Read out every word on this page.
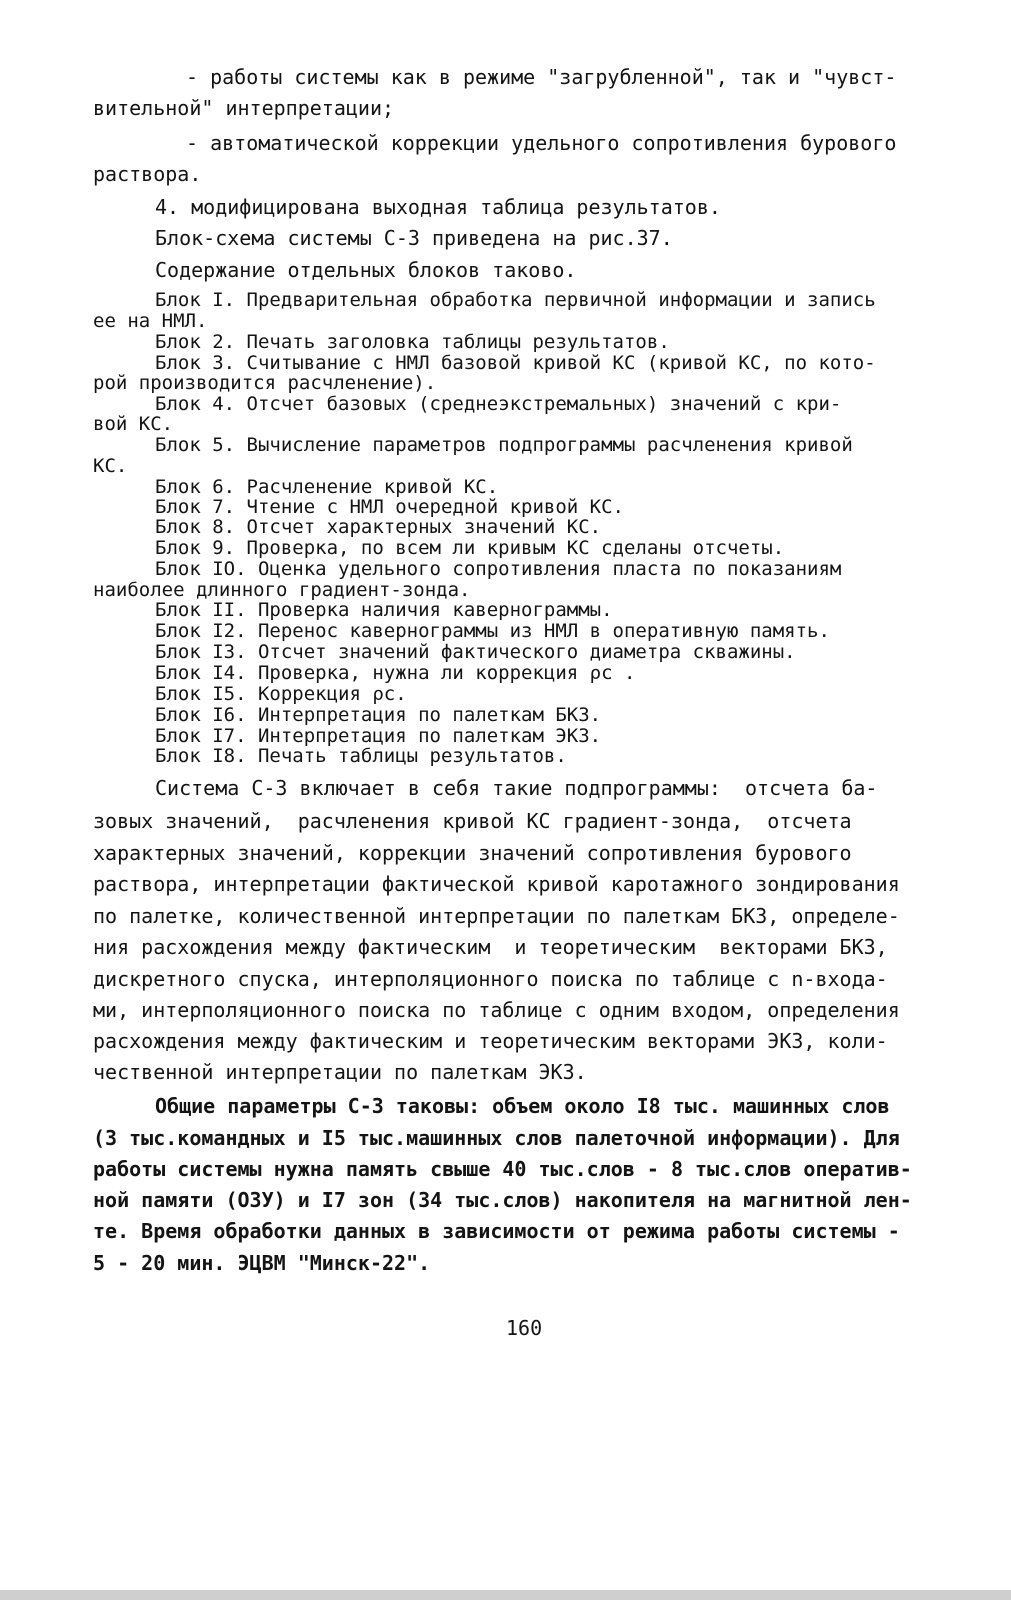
- работы системы как в режиме "загрубленной", так и "чувст-
вительной" интерпретации;
- автоматической коррекции удельного сопротивления бурового
раствора.
4. модифицирована выходная таблица результатов.
Блок-схема системы С-3 приведена на рис.37.
Содержание отдельных блоков таково.
Блок I. Предварительная обработка первичной информации и запись
ее на НМЛ.
Блок 2. Печать заголовка таблицы результатов.
Блок 3. Считывание с НМЛ базовой кривой КС (кривой КС, по кото-
рой производится расчленение).
Блок 4. Отсчет базовых (среднеэкстремальных) значений с кри-
вой КС.
Блок 5. Вычисление параметров подпрограммы расчленения кривой
КС.
Блок 6. Расчленение кривой КС.
Блок 7. Чтение с НМЛ очередной кривой КС.
Блок 8. Отсчет характерных значений КС.
Блок 9. Проверка, по всем ли кривым КС сделаны отсчеты.
Блок IO. Оценка удельного сопротивления пласта по показаниям
наиболее длинного градиент-зонда.
Блок II. Проверка наличия кавернограммы.
Блок I2. Перенос кавернограммы из НМЛ в оперативную память.
Блок I3. Отсчет значений фактического диаметра скважины.
Блок I4. Проверка, нужна ли коррекция ρс .
Блок I5. Коррекция ρс.
Блок I6. Интерпретация по палеткам БКЗ.
Блок I7. Интерпретация по палеткам ЭКЗ.
Блок I8. Печать таблицы результатов.
Система С-3 включает в себя такие подпрограммы:  отсчета ба-
зовых значений,  расчленения кривой КС градиент-зонда,  отсчета
характерных значений, коррекции значений сопротивления бурового
раствора, интерпретации фактической кривой каротажного зондирования
по палетке, количественной интерпретации по палеткам БКЗ, определе-
ния расхождения между фактическим  и теоретическим  векторами БКЗ,
дискретного спуска, интерполяционного поиска по таблице с n-входа-
ми, интерполяционного поиска по таблице с одним входом, определения
расхождения между фактическим и теоретическим векторами ЭКЗ, коли-
чественной интерпретации по палеткам ЭКЗ.
Общие параметры С-3 таковы: объем около I8 тыс. машинных слов
(3 тыс.командных и I5 тыс.машинных слов палеточной информации). Для
работы системы нужна память свыше 40 тыс.слов - 8 тыс.слов оператив-
ной памяти (ОЗУ) и I7 зон (34 тыс.слов) накопителя на магнитной лен-
те. Время обработки данных в зависимости от режима работы системы -
5 - 20 мин. ЭЦВМ "Минск-22".
160
